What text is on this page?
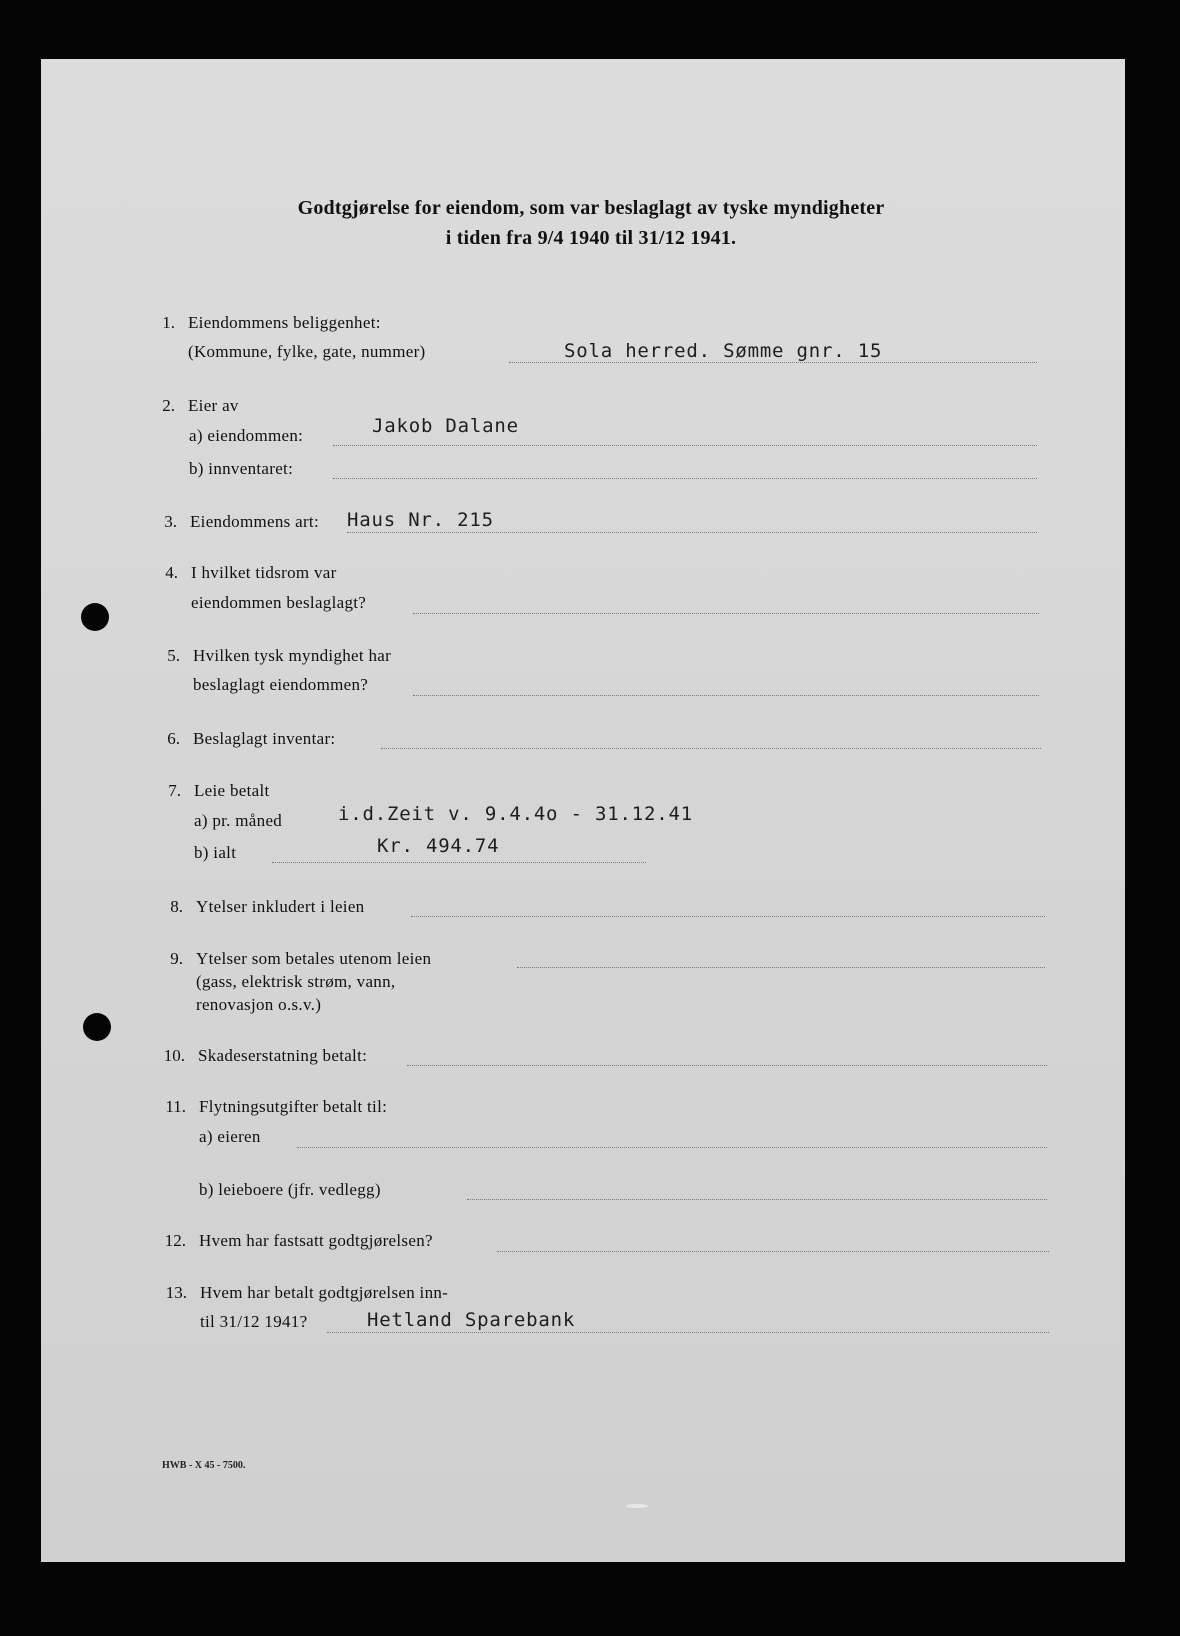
Godtgjørelse for eiendom, som var beslaglagt av tyske myndigheter
i tiden fra 9/4 1940 til 31/12 1941.
1. Eiendommens beliggenhet:
(Kommune, fylke, gate, nummer)	Sola herred. Sømme gnr. 15
2. Eier av
a) eiendommen:	Jakob Dalane
b) innventaret:
3. Eiendommens art: Haus Nr. 215
4. I hvilket tidsrom var
eiendommen beslaglagt?
5. Hvilken tysk myndighet har
beslaglagt eiendommen?
6. Beslaglagt inventar:
7. Leie betalt
a) pr. måned	i.d.Zeit v. 9.4.4o - 31.12.41
b) ialt	Kr. 494.74
8. Ytelser inkludert i leien
9. Ytelser som betales utenom leien
(gass, elektrisk strøm, vann,
renovasjon o.s.v.)
10. Skadeserstatning betalt:
11. Flytningsutgifter betalt til:
a) eieren
b) leieboere (jfr. vedlegg)
12. Hvem har fastsatt godtgjørelsen?
13. Hvem har betalt godtgjørelsen inn-
til 31/12 1941?	Hetland Sparebank
HWB - X 45 - 7500.
